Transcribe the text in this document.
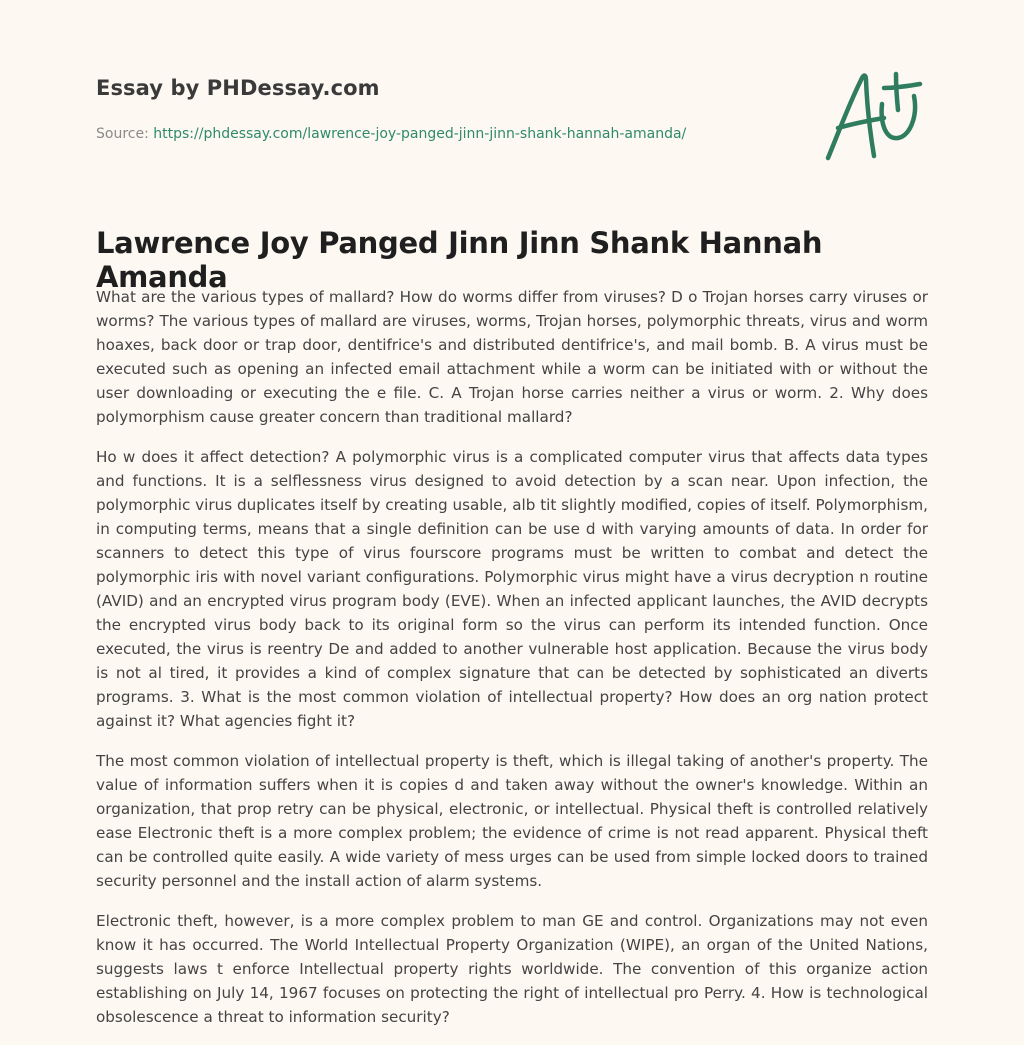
Essay by PHDessay.com
Source: https://phdessay.com/lawrence-joy-panged-jinn-jinn-shank-hannah-amanda/
Lawrence Joy Panged Jinn Jinn Shank Hannah Amanda

What are the various types of mallard? How do worms differ from viruses? D o Trojan horses carry viruses or worms? The various types of mallard are viruses, worms, Trojan horses, polymorphic threats, virus and worm hoaxes, back door or trap door, dentifrice's and distributed dentifrice's, and mail bomb. B. A virus must be executed such as opening an infected email attachment while a worm can be initiated with or without the user downloading or executing the e file. C. A Trojan horse carries neither a virus or worm. 2. Why does polymorphism cause greater concern than traditional mallard?

Ho w does it affect detection? A polymorphic virus is a complicated computer virus that affects data types and functions. It is a selflessness virus designed to avoid detection by a scan near. Upon infection, the polymorphic virus duplicates itself by creating usable, alb tit slightly modified, copies of itself. Polymorphism, in computing terms, means that a single definition can be use d with varying amounts of data. In order for scanners to detect this type of virus fourscore programs must be written to combat and detect the polymorphic iris with novel variant configurations. Polymorphic virus might have a virus decryption n routine (AVID) and an encrypted virus program body (EVE). When an infected applicant launches, the AVID decrypts the encrypted virus body back to its original form so the virus can perform its intended function. Once executed, the virus is reentry De and added to another vulnerable host application. Because the virus body is not al tired, it provides a kind of complex signature that can be detected by sophisticated an diverts programs. 3. What is the most common violation of intellectual property? How does an org nation protect against it? What agencies fight it?

The most common violation of intellectual property is theft, which is illegal taking of another's property. The value of information suffers when it is copies d and taken away without the owner's knowledge. Within an organization, that prop retry can be physical, electronic, or intellectual. Physical theft is controlled relatively ease Electronic theft is a more complex problem; the evidence of crime is not read apparent. Physical theft can be controlled quite easily. A wide variety of mess urges can be used from simple locked doors to trained security personnel and the install action of alarm systems.

Electronic theft, however, is a more complex problem to man GE and control. Organizations may not even know it has occurred. The World Intellectual Property Organization (WIPE), an organ of the United Nations, suggests laws t enforce Intellectual property rights worldwide. The convention of this organize action establishing on July 14, 1967 focuses on protecting the right of intellectual pro Perry. 4. How is technological obsolescence a threat to information security?
